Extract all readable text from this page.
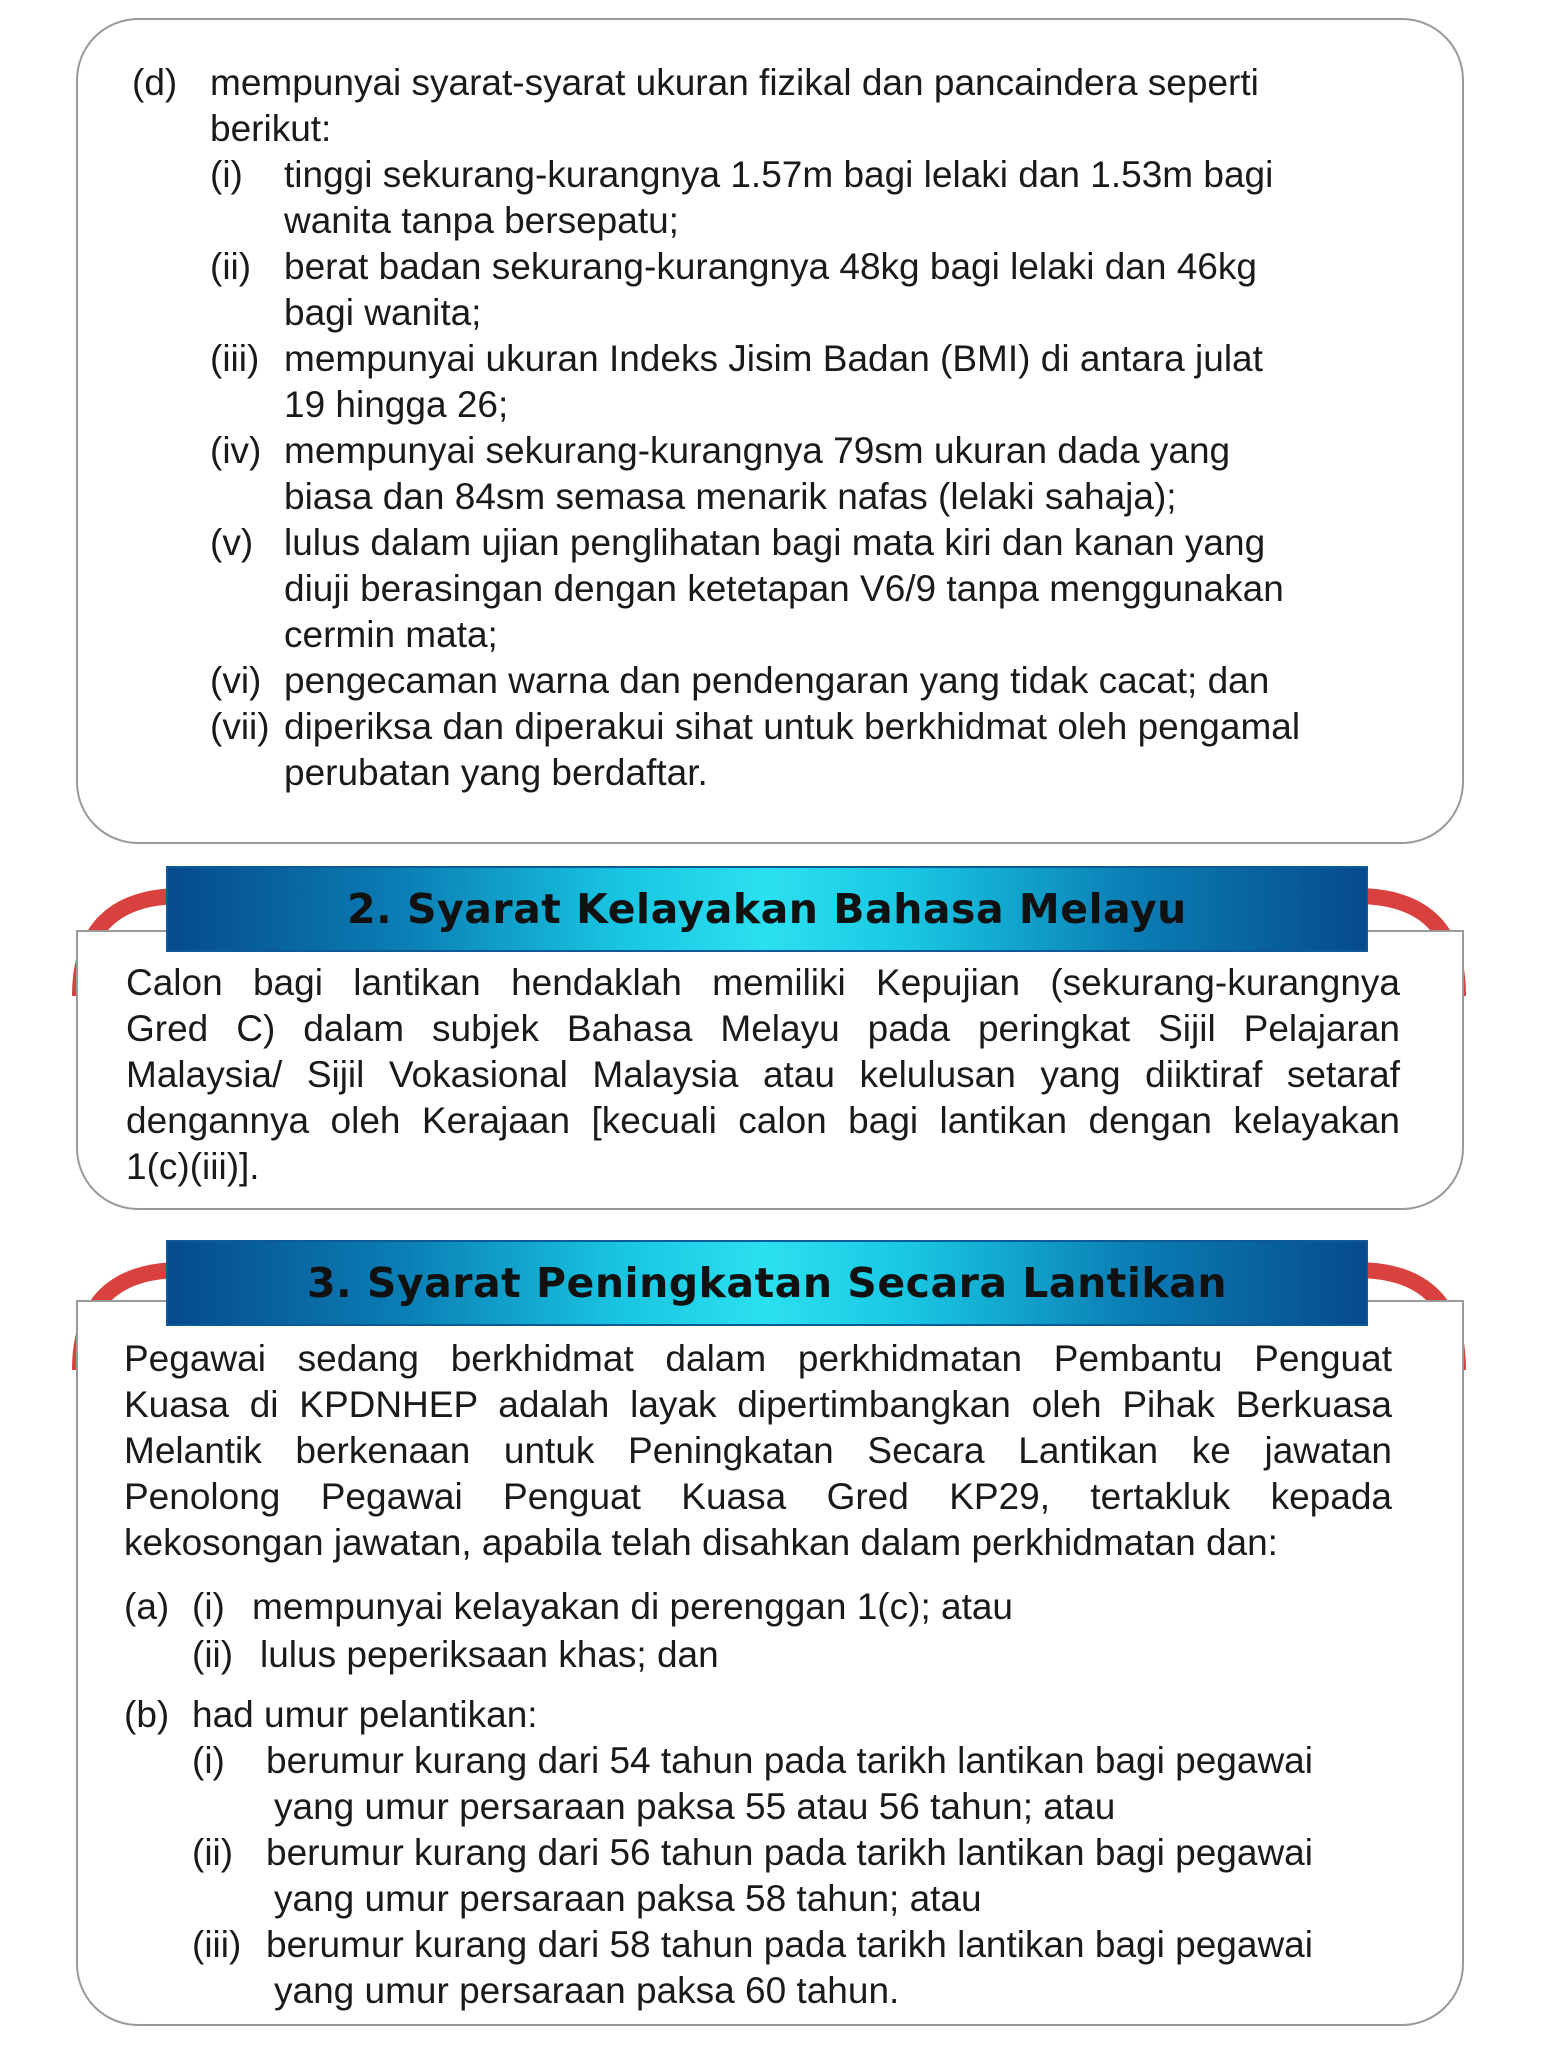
(d) mempunyai syarat-syarat ukuran fizikal dan pancaindera seperti
berikut:
(i) tinggi sekurang-kurangnya 1.57m bagi lelaki dan 1.53m bagi
wanita tanpa bersepatu;
(ii) berat badan sekurang-kurangnya 48kg bagi lelaki dan 46kg
bagi wanita;
(iii) mempunyai ukuran Indeks Jisim Badan (BMI) di antara julat
19 hingga 26;
(iv) mempunyai sekurang-kurangnya 79sm ukuran dada yang
biasa dan 84sm semasa menarik nafas (lelaki sahaja);
(v) lulus dalam ujian penglihatan bagi mata kiri dan kanan yang
diuji berasingan dengan ketetapan V6/9 tanpa menggunakan
cermin mata;
(vi) pengecaman warna dan pendengaran yang tidak cacat; dan
(vii) diperiksa dan diperakui sihat untuk berkhidmat oleh pengamal
perubatan yang berdaftar.
2. Syarat Kelayakan Bahasa Melayu
Calon bagi lantikan hendaklah memiliki Kepujian (sekurang-kurangnya
Gred C) dalam subjek Bahasa Melayu pada peringkat Sijil Pelajaran
Malaysia/ Sijil Vokasional Malaysia atau kelulusan yang diiktiraf setaraf
dengannya oleh Kerajaan [kecuali calon bagi lantikan dengan kelayakan
1(c)(iii)].
3. Syarat Peningkatan Secara Lantikan
Pegawai sedang berkhidmat dalam perkhidmatan Pembantu Penguat
Kuasa di KPDNHEP adalah layak dipertimbangkan oleh Pihak Berkuasa
Melantik berkenaan untuk Peningkatan Secara Lantikan ke jawatan
Penolong Pegawai Penguat Kuasa Gred KP29, tertakluk kepada
kekosongan jawatan, apabila telah disahkan dalam perkhidmatan dan:
(a) (i) mempunyai kelayakan di perenggan 1(c); atau
(ii) lulus peperiksaan khas; dan
(b) had umur pelantikan:
(i) berumur kurang dari 54 tahun pada tarikh lantikan bagi pegawai
yang umur persaraan paksa 55 atau 56 tahun; atau
(ii) berumur kurang dari 56 tahun pada tarikh lantikan bagi pegawai
yang umur persaraan paksa 58 tahun; atau
(iii) berumur kurang dari 58 tahun pada tarikh lantikan bagi pegawai
yang umur persaraan paksa 60 tahun.
